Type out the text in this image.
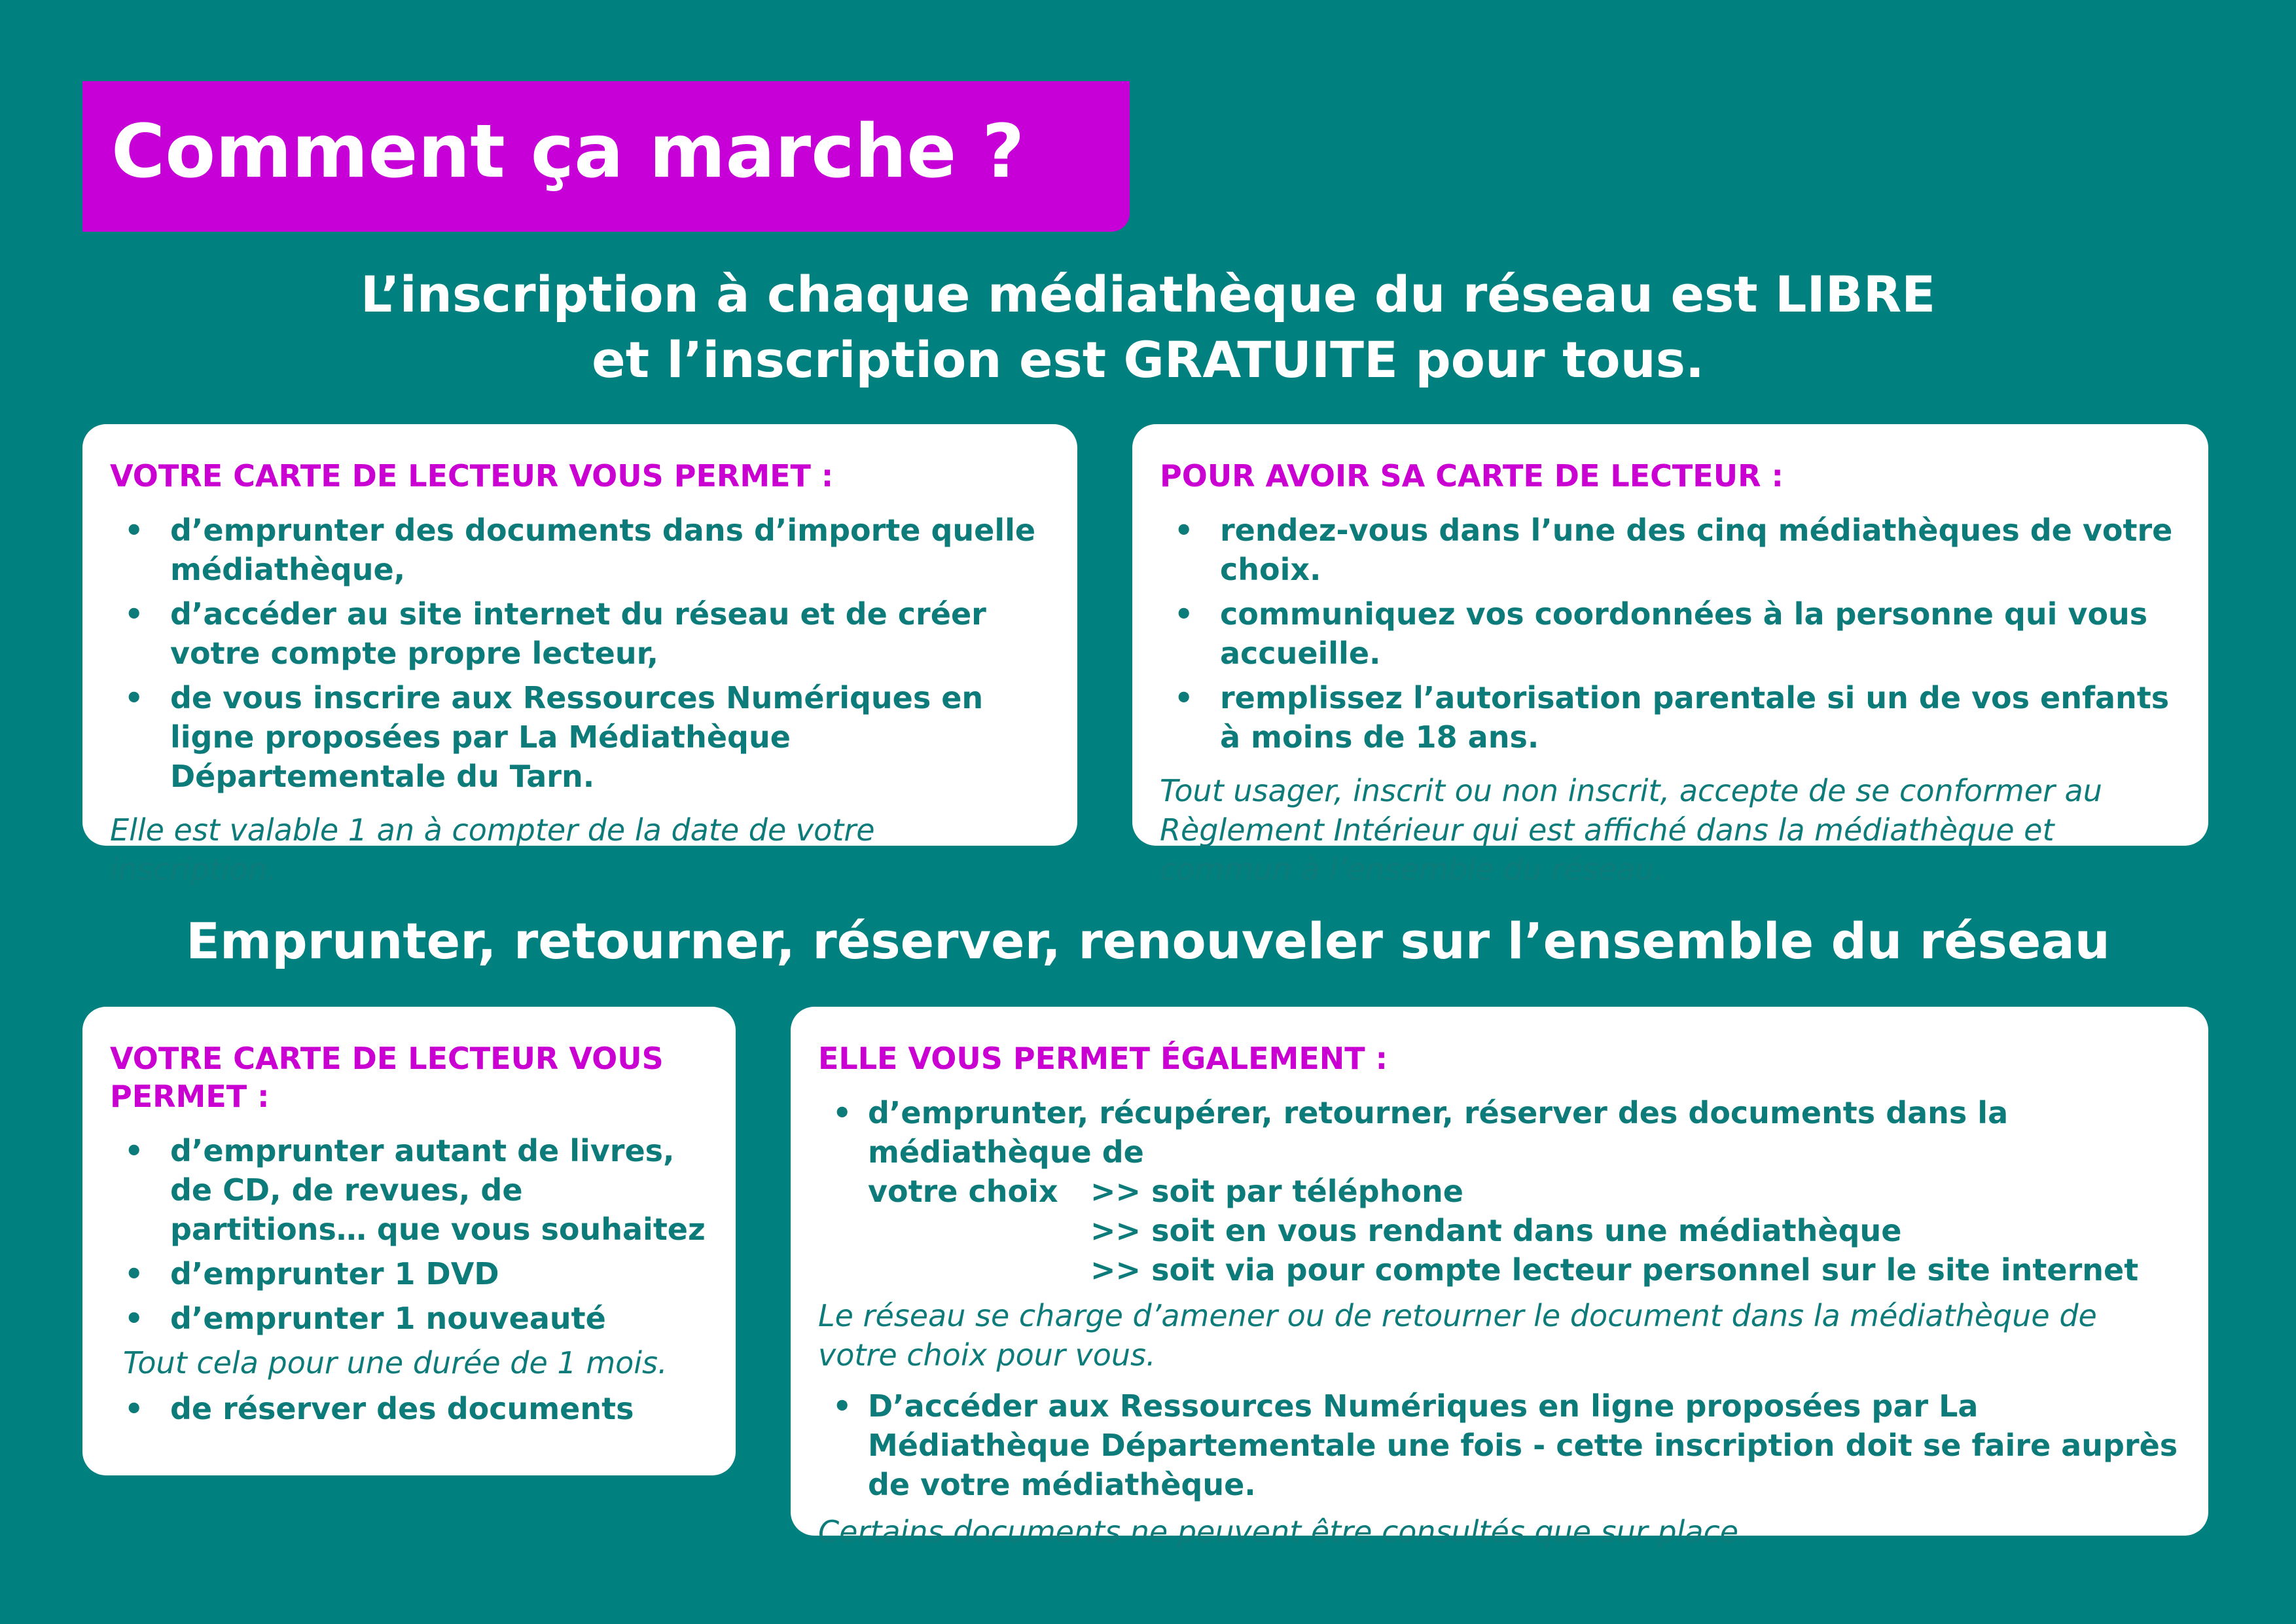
Comment ça marche ?
L’inscription à chaque médiathèque du réseau est LIBRE
et l’inscription est GRATUITE pour tous.
VOTRE CARTE DE LECTEUR VOUS PERMET :
• d’emprunter des documents dans d’importe quelle médiathèque,
• d’accéder au site internet du réseau et de créer votre compte propre lecteur,
• de vous inscrire aux Ressources Numériques en ligne proposées par La Médiathèque Départementale du Tarn.

Elle est valable 1 an à compter de la date de votre inscription.

POUR AVOIR SA CARTE DE LECTEUR :
• rendez-vous dans l’une des cinq médiathèques de votre choix.
• communiquez vos coordonnées à la personne qui vous accueille.
• remplissez l’autorisation parentale si un de vos enfants à moins de 18 ans.

Tout usager, inscrit ou non inscrit, accepte de se conformer au Règlement Intérieur qui est affiché dans la médiathèque et commun à l’ensemble du réseau.

Emprunter, retourner, réserver, renouveler sur l’ensemble du réseau
VOTRE CARTE DE LECTEUR VOUS PERMET :
• d’emprunter autant de livres, de CD, de revues, de partitions… que vous souhaitez
• d’emprunter 1 DVD
• d’emprunter 1 nouveauté

Tout cela pour une durée de 1 mois.

• de réserver des documents
ELLE VOUS PERMET ÉGALEMENT :
• d’emprunter, récupérer, retourner, réserver des documents dans la médiathèque de
votre choix	>> soit par téléphone
>> soit en vous rendant dans une médiathèque
>> soit via pour compte lecteur personnel sur le site internet

Le réseau se charge d’amener ou de retourner le document dans la médiathèque de votre choix pour vous.

• D’accéder aux Ressources Numériques en ligne proposées par La Médiathèque Départementale une fois - cette inscription doit se faire auprès de votre médiathèque.

Certains documents ne peuvent être consultés que sur place.
